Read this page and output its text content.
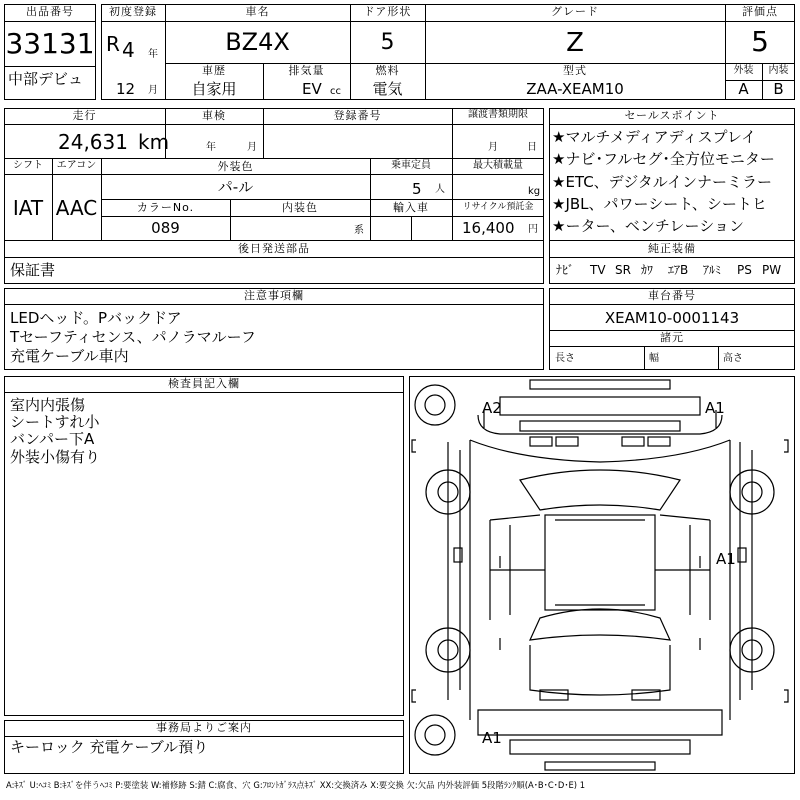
出品番号
33131
中部デビュ
初度登録
R 4 年
12 月
車名
BZ4X
ドア形状
5
グレード
Z
評価点
5
車歴
自家用
排気量
EV cc
燃料
電気
型式
ZAA-XEAM10
外装	内装
A	B
走行
24,631 km
車検
年	月
登録番号	譲渡書類期限
月	日
シフト
IAT
エアコン
AAC
外装色
パ-ル
乗車定員
5 人
最大積載量
kg
カラーNo.
089
内装色
系
輸入車	リサイクル預託金
16,400 円
後日発送部品
保証書
セールスポイント
★マルチメディアディスプレイ
★ナビ･フルセグ･全方位モニター
★ETC、デジタルインナーミラー
★JBL、パワーシート、シートヒ
★ーター、ベンチレーション
純正装備
ﾅﾋﾞ TV SR ｶﾜ ｴｱB ｱﾙﾐ PS PW
注意事項欄
LEDヘッド。Pバックドア
Tセーフティセンス、パノラマルーフ
充電ケーブル車内
車台番号
XEAM10-0001143
諸元
長さ	幅	高さ
検査員記入欄
室内内張傷
シートすれ小
バンパー下A
外装小傷有り
事務局よりご案内
キーロック 充電ケーブル預り
A2	A1
A1
A1
A:ｷｽﾞ U:ﾍｺﾐ B:ｷｽﾞを伴うﾍｺﾐ P:要塗装 W:補修跡 S:錆 C:腐食、穴 G:ﾌﾛﾝﾄｶﾞﾗｽ点ｷｽﾞ XX:交換済み X:要交換 欠:欠品 内外装評価 5段階ﾗﾝｸ順(A･B･C･D･E) 1
